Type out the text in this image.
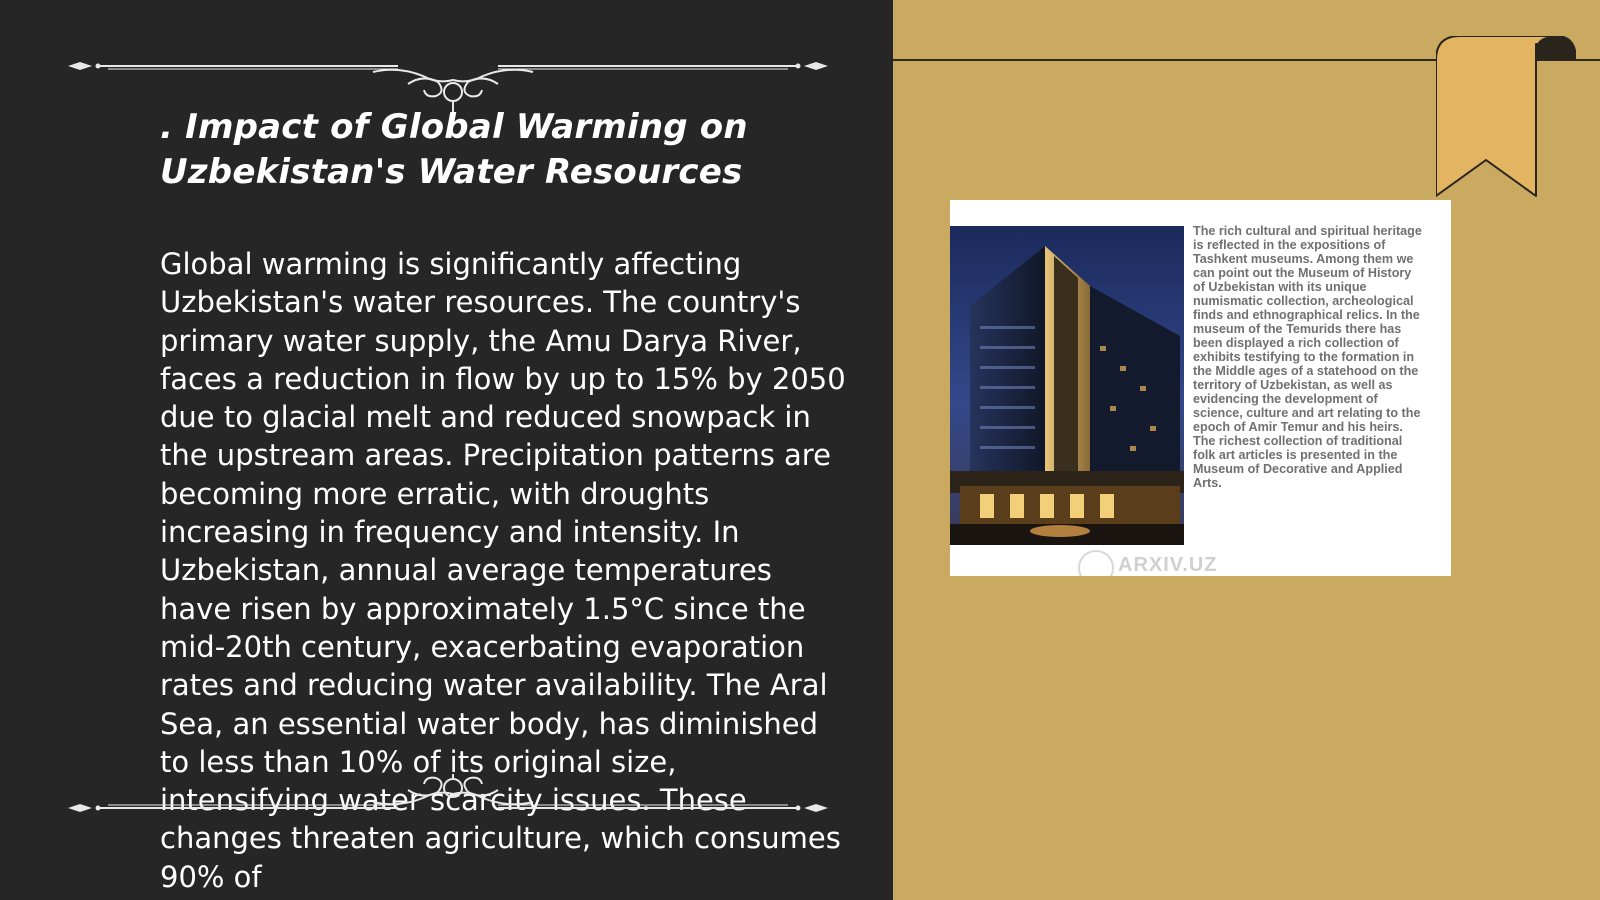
. Impact of Global Warming on Uzbekistan's Water Resources

Global warming is significantly affecting Uzbekistan's water resources. The country's primary water supply, the Amu Darya River, faces a reduction in flow by up to 15% by 2050 due to glacial melt and reduced snowpack in the upstream areas. Precipitation patterns are becoming more erratic, with droughts increasing in frequency and intensity. In Uzbekistan, annual average temperatures have risen by approximately 1.5°C since the mid-20th century, exacerbating evaporation rates and reducing water availability. The Aral Sea, an essential water body, has diminished to less than 10% of its original size, intensifying water scarcity issues. These changes threaten agriculture, which consumes 90% of

The rich cultural and spiritual heritage is reflected in the expositions of Tashkent museums. Among them we can point out the Museum of History of Uzbekistan with its unique numismatic collection, archeological finds and ethnographical relics. In the museum of the Temurids there has been displayed a rich collection of exhibits testifying to the formation in the Middle ages of a statehood on the territory of Uzbekistan, as well as evidencing the development of science, culture and art relating to the epoch of Amir Temur and his heirs. The richest collection of traditional folk art articles is presented in the Museum of Decorative and Applied Arts.

ARXIV.UZ
